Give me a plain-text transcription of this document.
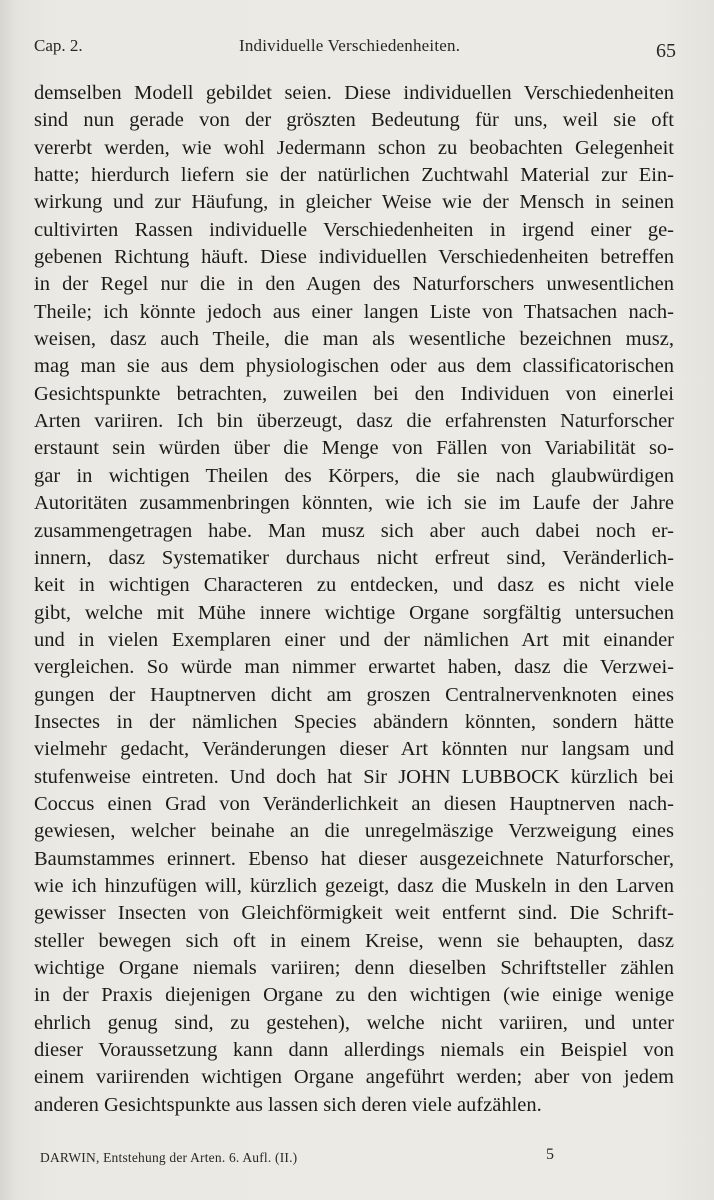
Cap. 2.	Individuelle Verschiedenheiten.	65
demselben Modell gebildet seien. Diese individuellen Verschiedenheiten
sind nun gerade von der gröszten Bedeutung für uns, weil sie oft
vererbt werden, wie wohl Jedermann schon zu beobachten Gelegenheit
hatte; hierdurch liefern sie der natürlichen Zuchtwahl Material zur Ein-
wirkung und zur Häufung, in gleicher Weise wie der Mensch in seinen
cultivirten Rassen individuelle Verschiedenheiten in irgend einer ge-
gebenen Richtung häuft. Diese individuellen Verschiedenheiten betreffen
in der Regel nur die in den Augen des Naturforschers unwesentlichen
Theile; ich könnte jedoch aus einer langen Liste von Thatsachen nach-
weisen, dasz auch Theile, die man als wesentliche bezeichnen musz,
mag man sie aus dem physiologischen oder aus dem classificatorischen
Gesichtspunkte betrachten, zuweilen bei den Individuen von einerlei
Arten variiren. Ich bin überzeugt, dasz die erfahrensten Naturforscher
erstaunt sein würden über die Menge von Fällen von Variabilität so-
gar in wichtigen Theilen des Körpers, die sie nach glaubwürdigen
Autoritäten zusammenbringen könnten, wie ich sie im Laufe der Jahre
zusammengetragen habe. Man musz sich aber auch dabei noch er-
innern, dasz Systematiker durchaus nicht erfreut sind, Veränderlich-
keit in wichtigen Characteren zu entdecken, und dasz es nicht viele
gibt, welche mit Mühe innere wichtige Organe sorgfältig untersuchen
und in vielen Exemplaren einer und der nämlichen Art mit einander
vergleichen. So würde man nimmer erwartet haben, dasz die Verzwei-
gungen der Hauptnerven dicht am groszen Centralnervenknoten eines
Insectes in der nämlichen Species abändern könnten, sondern hätte
vielmehr gedacht, Veränderungen dieser Art könnten nur langsam und
stufenweise eintreten. Und doch hat Sir JOHN LUBBOCK kürzlich bei
Coccus einen Grad von Veränderlichkeit an diesen Hauptnerven nach-
gewiesen, welcher beinahe an die unregelmäszige Verzweigung eines
Baumstammes erinnert. Ebenso hat dieser ausgezeichnete Naturforscher,
wie ich hinzufügen will, kürzlich gezeigt, dasz die Muskeln in den Larven
gewisser Insecten von Gleichförmigkeit weit entfernt sind. Die Schrift-
steller bewegen sich oft in einem Kreise, wenn sie behaupten, dasz
wichtige Organe niemals variiren; denn dieselben Schriftsteller zählen
in der Praxis diejenigen Organe zu den wichtigen (wie einige wenige
ehrlich genug sind, zu gestehen), welche nicht variiren, und unter
dieser Voraussetzung kann dann allerdings niemals ein Beispiel von
einem variirenden wichtigen Organe angeführt werden; aber von jedem
anderen Gesichtspunkte aus lassen sich deren viele aufzählen.
DARWIN, Entstehung der Arten. 6. Aufl. (II.)	5
